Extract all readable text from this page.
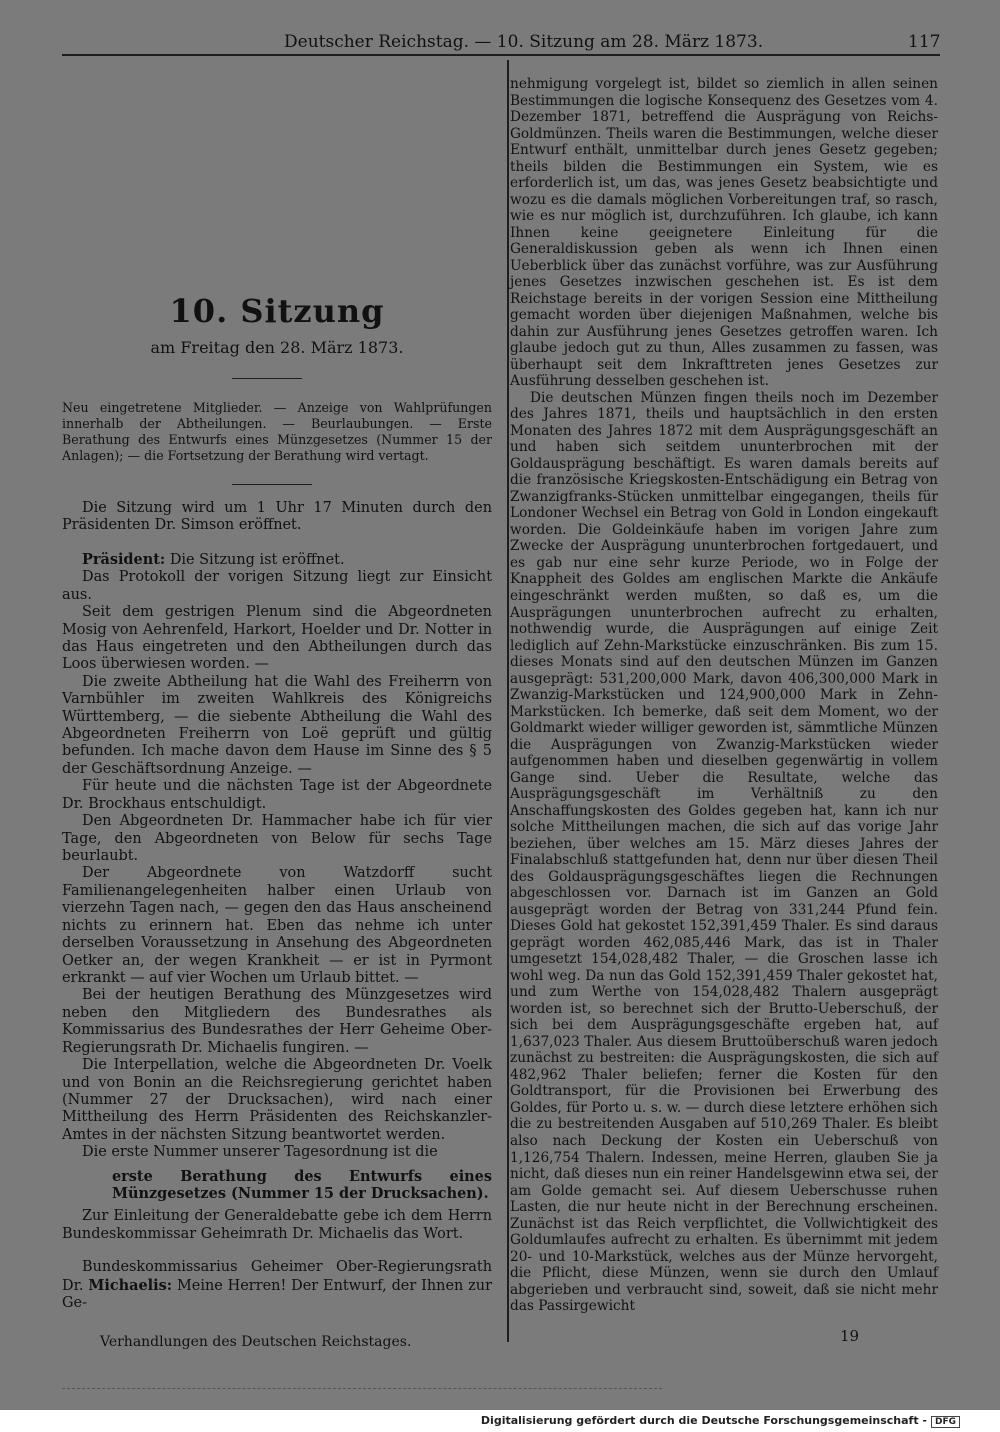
Deutscher Reichstag. — 10. Sitzung am 28. März 1873.	117
10. Sitzung
am Freitag den 28. März 1873.
Neu eingetretene Mitglieder. — Anzeige von Wahlprüfungen innerhalb der Abtheilungen. — Beurlaubungen. — Erste Berathung des Entwurfs eines Münzgesetzes (Nummer 15 der Anlagen); — die Fortsetzung der Berathung wird vertagt.

Die Sitzung wird um 1 Uhr 17 Minuten durch den Präsidenten Dr. Simson eröffnet.

Präsident: Die Sitzung ist eröffnet.

Das Protokoll der vorigen Sitzung liegt zur Einsicht aus.

Seit dem gestrigen Plenum sind die Abgeordneten Mosig von Aehrenfeld, Harkort, Hoelder und Dr. Notter in das Haus eingetreten und den Abtheilungen durch das Loos überwiesen worden. —

Die zweite Abtheilung hat die Wahl des Freiherrn von Varnbühler im zweiten Wahlkreis des Königreichs Württemberg, — die siebente Abtheilung die Wahl des Abgeordneten Freiherrn von Loë geprüft und gültig befunden. Ich mache davon dem Hause im Sinne des § 5 der Geschäftsordnung Anzeige. —

Für heute und die nächsten Tage ist der Abgeordnete Dr. Brockhaus entschuldigt.

Den Abgeordneten Dr. Hammacher habe ich für vier Tage, den Abgeordneten von Below für sechs Tage beurlaubt.

Der Abgeordnete von Watzdorff sucht Familienangelegenheiten halber einen Urlaub von vierzehn Tagen nach, — gegen den das Haus anscheinend nichts zu erinnern hat. Eben das nehme ich unter derselben Voraussetzung in Ansehung des Abgeordneten Oetker an, der wegen Krankheit — er ist in Pyrmont erkrankt — auf vier Wochen um Urlaub bittet. —

Bei der heutigen Berathung des Münzgesetzes wird neben den Mitgliedern des Bundesrathes als Kommissarius des Bundesrathes der Herr Geheime Ober-Regierungsrath Dr. Michaelis fungiren. —

Die Interpellation, welche die Abgeordneten Dr. Voelk und von Bonin an die Reichsregierung gerichtet haben (Nummer 27 der Drucksachen), wird nach einer Mittheilung des Herrn Präsidenten des Reichskanzler-Amtes in der nächsten Sitzung beantwortet werden.

Die erste Nummer unserer Tagesordnung ist die

erste Berathung des Entwurfs eines Münzgesetzes (Nummer 15 der Drucksachen).

Zur Einleitung der Generaldebatte gebe ich dem Herrn Bundeskommissar Geheimrath Dr. Michaelis das Wort.

Bundeskommissarius Geheimer Ober-Regierungsrath Dr. Michaelis: Meine Herren! Der Entwurf, der Ihnen zur Ge-

nehmigung vorgelegt ist, bildet so ziemlich in allen seinen Bestimmungen die logische Konsequenz des Gesetzes vom 4. Dezember 1871, betreffend die Ausprägung von Reichs-Goldmünzen. Theils waren die Bestimmungen, welche dieser Entwurf enthält, unmittelbar durch jenes Gesetz gegeben; theils bilden die Bestimmungen ein System, wie es erforderlich ist, um das, was jenes Gesetz beabsichtigte und wozu es die damals möglichen Vorbereitungen traf, so rasch, wie es nur möglich ist, durchzuführen. Ich glaube, ich kann Ihnen keine geeignetere Einleitung für die Generaldiskussion geben als wenn ich Ihnen einen Ueberblick über das zunächst vorführe, was zur Ausführung jenes Gesetzes inzwischen geschehen ist. Es ist dem Reichstage bereits in der vorigen Session eine Mittheilung gemacht worden über diejenigen Maßnahmen, welche bis dahin zur Ausführung jenes Gesetzes getroffen waren. Ich glaube jedoch gut zu thun, Alles zusammen zu fassen, was überhaupt seit dem Inkrafttreten jenes Gesetzes zur Ausführung desselben geschehen ist.

Die deutschen Münzen fingen theils noch im Dezember des Jahres 1871, theils und hauptsächlich in den ersten Monaten des Jahres 1872 mit dem Ausprägungsgeschäft an und haben sich seitdem ununterbrochen mit der Goldausprägung beschäftigt. Es waren damals bereits auf die französische Kriegskosten-Entschädigung ein Betrag von Zwanzigfranks-Stücken unmittelbar eingegangen, theils für Londoner Wechsel ein Betrag von Gold in London eingekauft worden. Die Goldeinkäufe haben im vorigen Jahre zum Zwecke der Ausprägung ununterbrochen fortgedauert, und es gab nur eine sehr kurze Periode, wo in Folge der Knappheit des Goldes am englischen Markte die Ankäufe eingeschränkt werden mußten, so daß es, um die Ausprägungen ununterbrochen aufrecht zu erhalten, nothwendig wurde, die Ausprägungen auf einige Zeit lediglich auf Zehn-Markstücke einzuschränken. Bis zum 15. dieses Monats sind auf den deutschen Münzen im Ganzen ausgeprägt: 531,200,000 Mark, davon 406,300,000 Mark in Zwanzig-Markstücken und 124,900,000 Mark in Zehn-Markstücken. Ich bemerke, daß seit dem Moment, wo der Goldmarkt wieder williger geworden ist, sämmtliche Münzen die Ausprägungen von Zwanzig-Markstücken wieder aufgenommen haben und dieselben gegenwärtig in vollem Gange sind. Ueber die Resultate, welche das Ausprägungsgeschäft im Verhältniß zu den Anschaffungskosten des Goldes gegeben hat, kann ich nur solche Mittheilungen machen, die sich auf das vorige Jahr beziehen, über welches am 15. März dieses Jahres der Finalabschluß stattgefunden hat, denn nur über diesen Theil des Goldausprägungsgeschäftes liegen die Rechnungen abgeschlossen vor. Darnach ist im Ganzen an Gold ausgeprägt worden der Betrag von 331,244 Pfund fein. Dieses Gold hat gekostet 152,391,459 Thaler. Es sind daraus geprägt worden 462,085,446 Mark, das ist in Thaler umgesetzt 154,028,482 Thaler, — die Groschen lasse ich wohl weg. Da nun das Gold 152,391,459 Thaler gekostet hat, und zum Werthe von 154,028,482 Thalern ausgeprägt worden ist, so berechnet sich der Brutto-Ueberschuß, der sich bei dem Ausprägungsgeschäfte ergeben hat, auf 1,637,023 Thaler. Aus diesem Bruttoüberschuß waren jedoch zunächst zu bestreiten: die Ausprägungskosten, die sich auf 482,962 Thaler beliefen; ferner die Kosten für den Goldtransport, für die Provisionen bei Erwerbung des Goldes, für Porto u. s. w. — durch diese letztere erhöhen sich die zu bestreitenden Ausgaben auf 510,269 Thaler. Es bleibt also nach Deckung der Kosten ein Ueberschuß von 1,126,754 Thalern. Indessen, meine Herren, glauben Sie ja nicht, daß dieses nun ein reiner Handelsgewinn etwa sei, der am Golde gemacht sei. Auf diesem Ueberschusse ruhen Lasten, die nur heute nicht in der Berechnung erscheinen. Zunächst ist das Reich verpflichtet, die Vollwichtigkeit des Goldumlaufes aufrecht zu erhalten. Es übernimmt mit jedem 20- und 10-Markstück, welches aus der Münze hervorgeht, die Pflicht, diese Münzen, wenn sie durch den Umlauf abgerieben und verbraucht sind, soweit, daß sie nicht mehr das Passirgewicht

Verhandlungen des Deutschen Reichstages.	19
Digitalisierung gefördert durch die Deutsche Forschungsgemeinschaft - DFG
